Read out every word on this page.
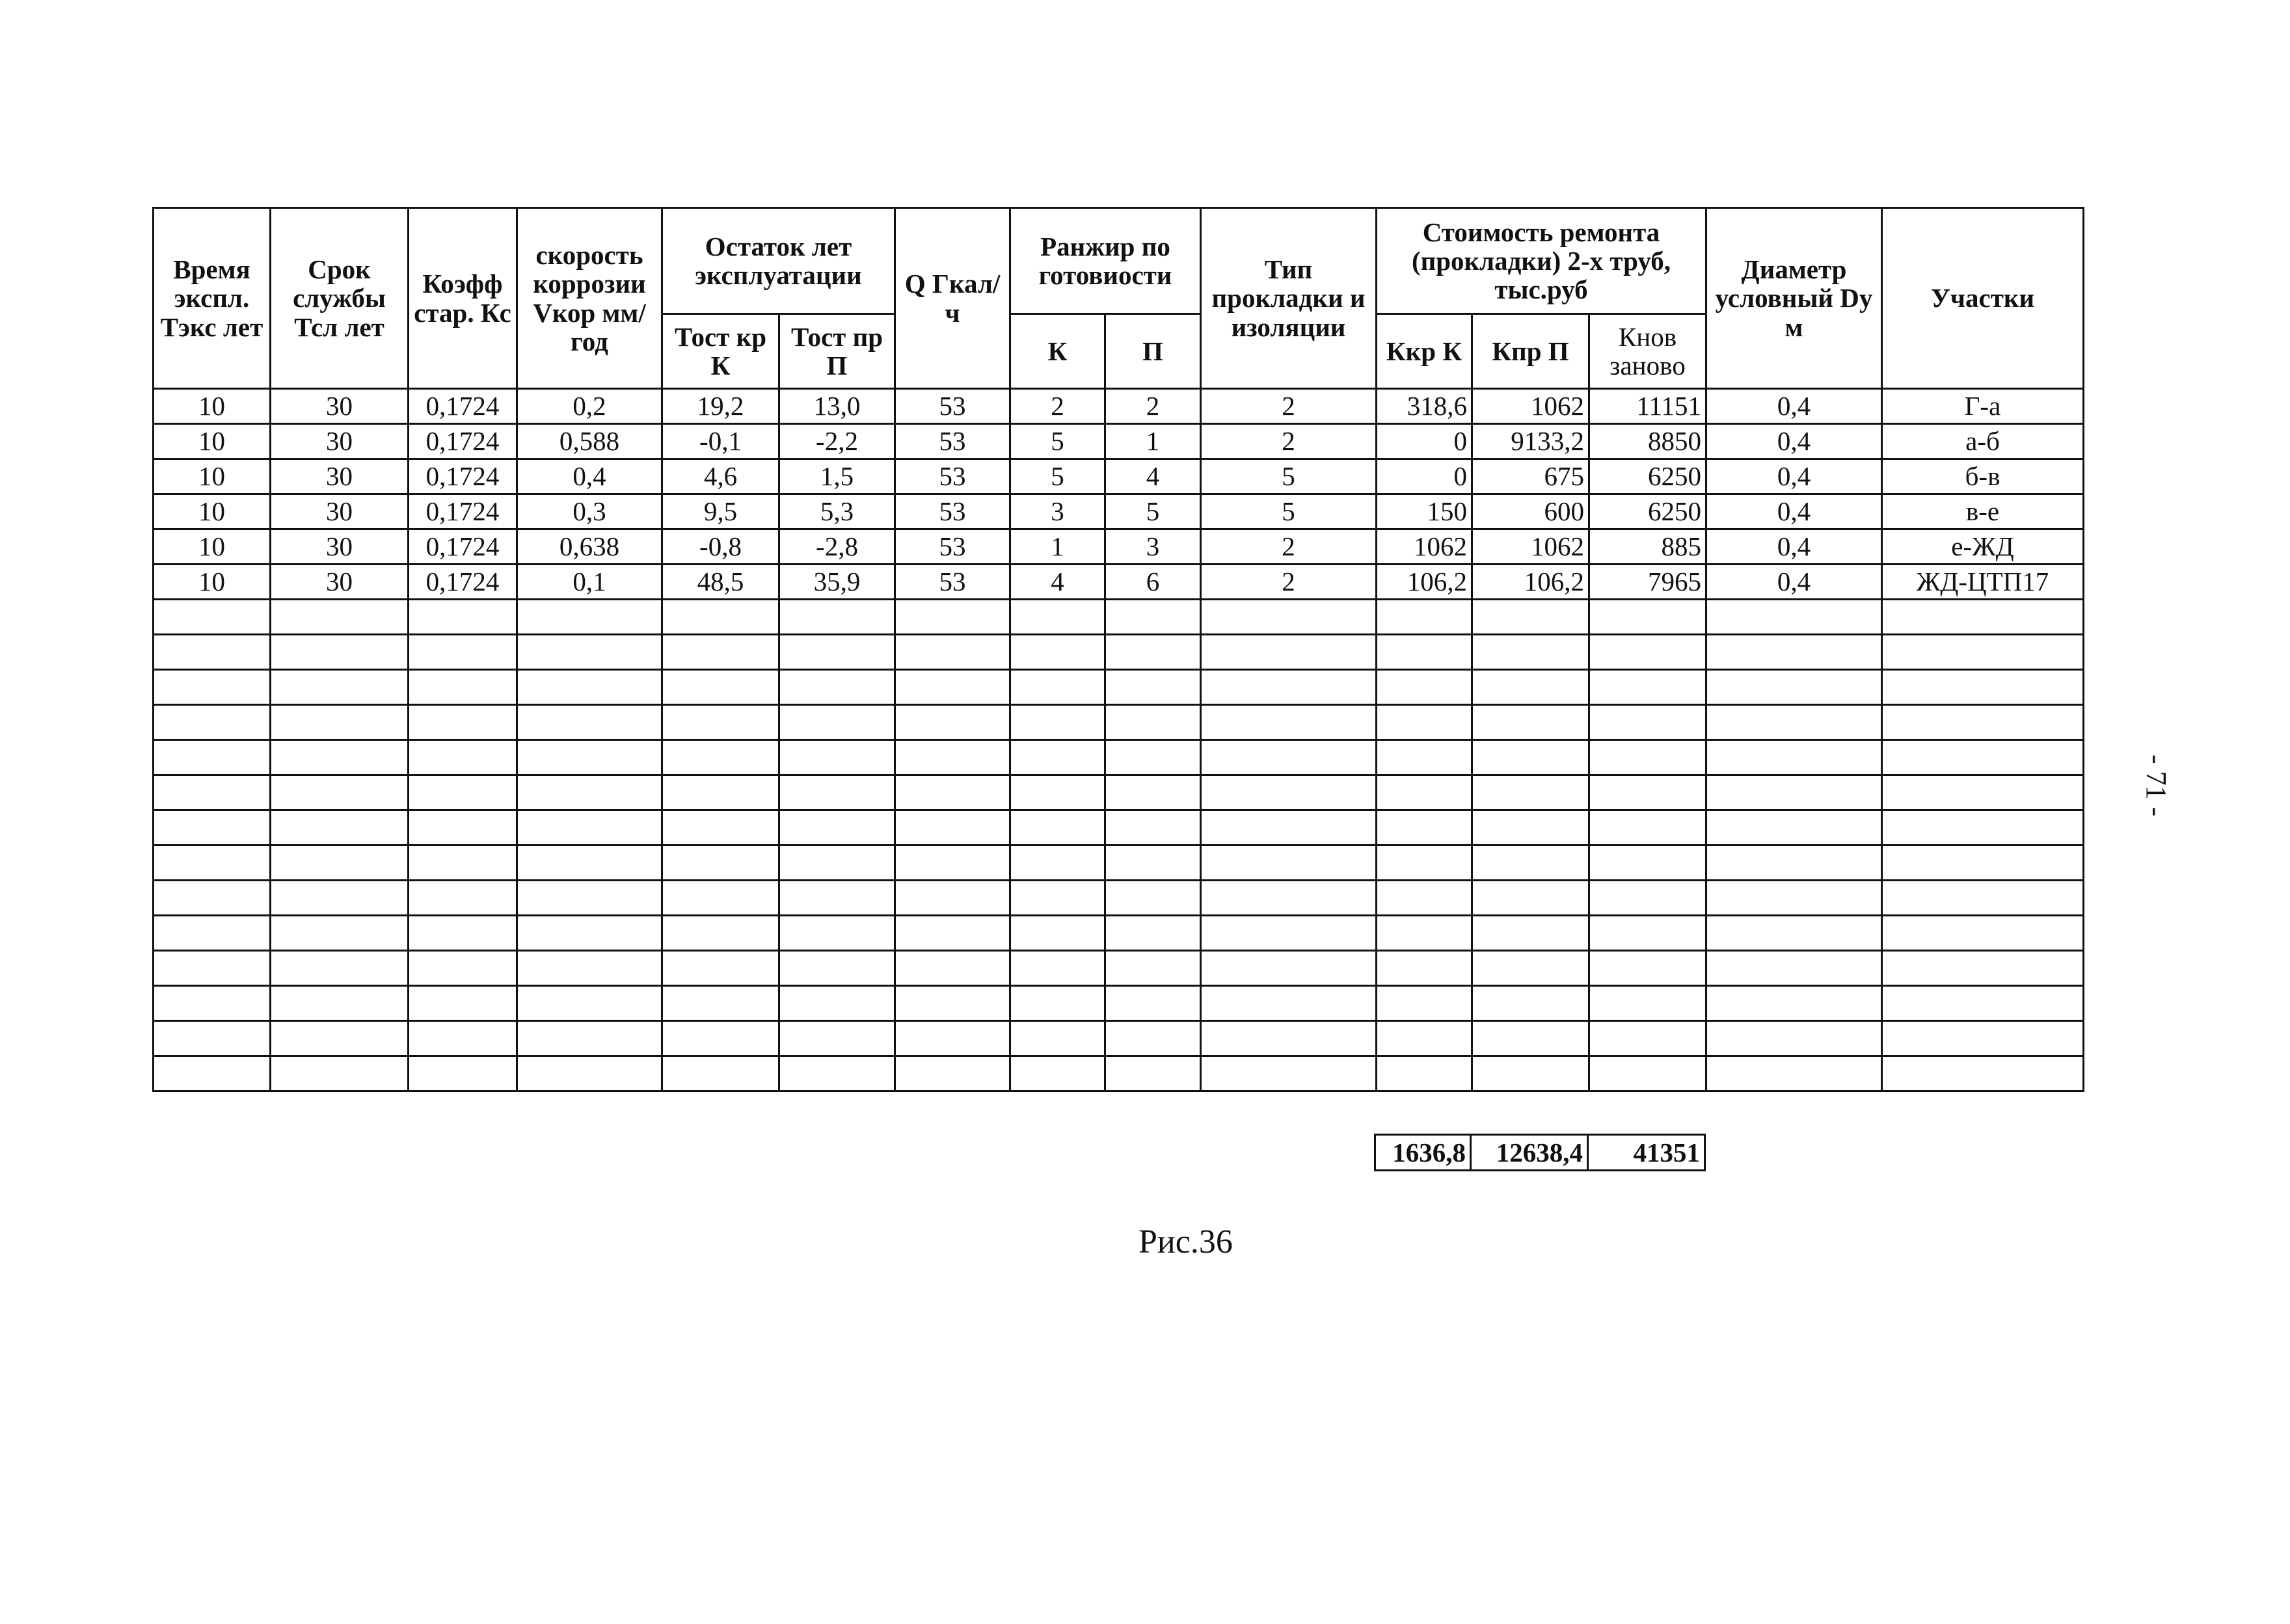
Время экспл. Тэкс лет	Срок службы Тсл лет	Коэфф стар. Кс	скорость коррозии Vкор мм/год	Остаток лет эксплуатации		Q Гкал/ч	Ранжир по готовиости		Тип прокладки и изоляции	Стоимость ремонта (прокладки) 2-х труб, тыс.руб			Диаметр условный Dу м	Участки
				Тост кр К	Тост пр П		К	П		Ккр К	Кпр П	Кнов заново		
10	30	0,1724	0,2	19,2	13,0	53	2	2	2	318,6	1062	11151	0,4	Г-а
10	30	0,1724	0,588	-0,1	-2,2	53	5	1	2	0	9133,2	8850	0,4	а-б
10	30	0,1724	0,4	4,6	1,5	53	5	4	5	0	675	6250	0,4	б-в
10	30	0,1724	0,3	9,5	5,3	53	3	5	5	150	600	6250	0,4	в-е
10	30	0,1724	0,638	-0,8	-2,8	53	1	3	2	1062	1062	885	0,4	е-ЖД
10	30	0,1724	0,1	48,5	35,9	53	4	6	2	106,2	106,2	7965	0,4	ЖД-ЦТП17

1636,8	12638,4	41351
Рис.36
- 71 -
